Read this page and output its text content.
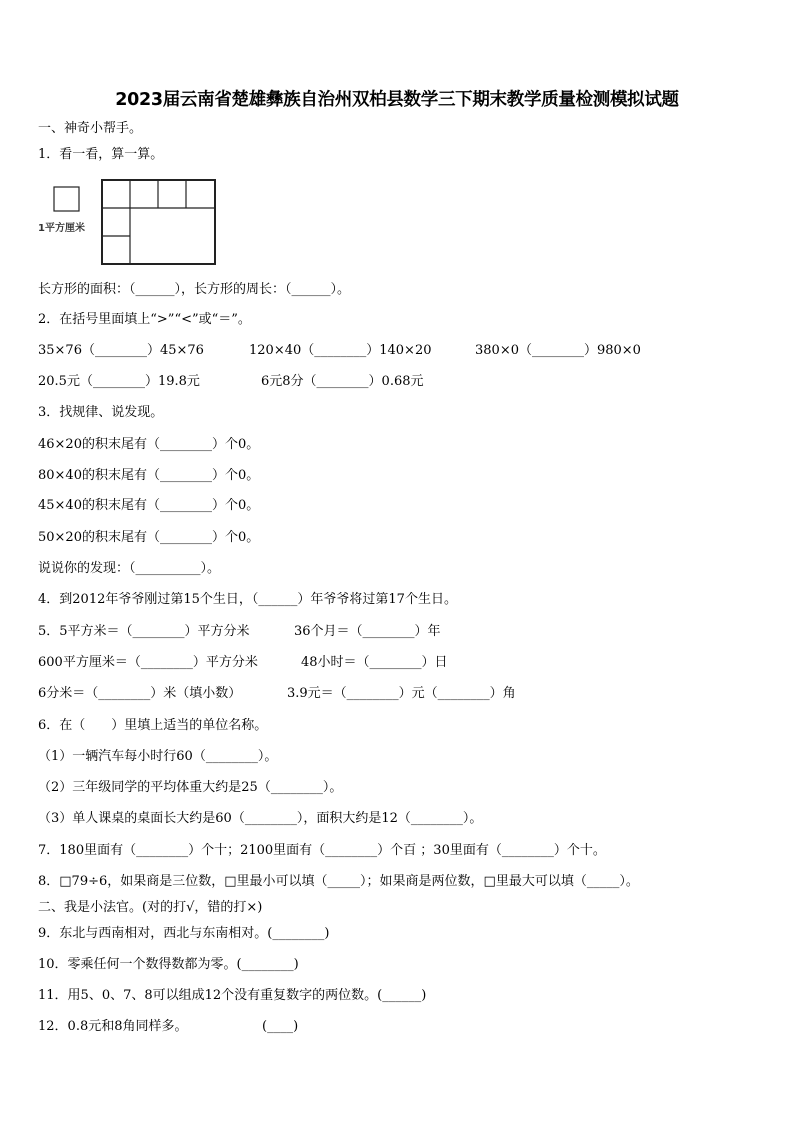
2023届云南省楚雄彝族自治州双柏县数学三下期末教学质量检测模拟试题
一、神奇小帮手。
1．看一看，算一算。
1平方厘米
长方形的面积：（______），长方形的周长：（______）。
2．在括号里面填上“>”“<”或“＝”。
35×76（________）45×76	120×40（________）140×20	380×0（________）980×0
20.5元（________）19.8元	6元8分（________）0.68元
3．找规律、说发现。
46×20的积末尾有（________）个0。
80×40的积末尾有（________）个0。
45×40的积末尾有（________）个0。
50×20的积末尾有（________）个0。
说说你的发现：（__________）。
4．到2012年爷爷刚过第15个生日，（______）年爷爷将过第17个生日。
5．5平方米＝（________）平方分米	36个月＝（________）年
600平方厘米＝（________）平方分米	48小时＝（________）日
6分米＝（________）米（填小数）	3.9元＝（________）元（________）角
6．在（　　）里填上适当的单位名称。
（1）一辆汽车每小时行60（________）。
（2）三年级同学的平均体重大约是25（________）。
（3）单人课桌的桌面长大约是60（________），面积大约是12（________）。
7．180里面有（________）个十；2100里面有（________）个百 ；30里面有（________）个十。
8．□79÷6，如果商是三位数，□里最小可以填（_____）；如果商是两位数，□里最大可以填（_____）。
二、我是小法官。(对的打√，错的打×)
9．东北与西南相对，西北与东南相对。(________)
10．零乘任何一个数得数都为零。(________)
11．用5、0、7、8可以组成12个没有重复数字的两位数。(______)
12．0.8元和8角同样多。	(____)
